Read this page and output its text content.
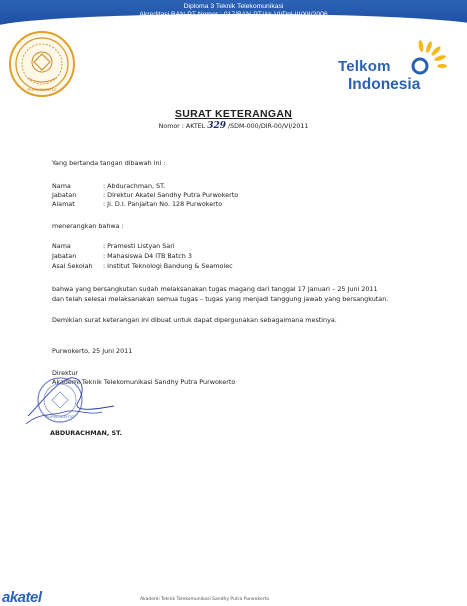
Diploma 3 Teknik Telekomunikasi
Akreditasi BAN-PT Nomor : 017/BAN-PT/Ak-VI/Dpl-III/XII/2006
PURWOKERTO
Telkom
Indonesia
SURAT KETERANGAN
Nomor : AKTEL 329 /SDM-000/DIR-00/VI/2011
Yang bertanda tangan dibawah ini :
Nama	: Abdurachman, ST.
Jabatan	: Direktur Akatel Sandhy Putra Purwokerto
Alamat	: Jl. D.I. Panjaitan No. 128 Purwokerto
menerangkan bahwa :
Nama	: Pramesti Listyan Sari
Jabatan	: Mahasiswa D4 ITB Batch 3
Asal Sekolah : Institut Teknologi Bandung & Seamolec
bahwa yang bersangkutan sudah melaksanakan tugas magang dari tanggal 17 Januari – 25 Juni 2011
dan telah selesai melaksanakan semua tugas – tugas yang menjadi tanggung jawab yang bersangkutan.
Demikian surat keterangan ini dibuat untuk dapat dipergunakan sebagaimana mestinya.
Purwokerto, 25 Juni 2011
Direktur
Akademi Teknik Telekomunikasi Sandhy Putra Purwokerto
PURWOKERTO
ABDURACHMAN, ST.
akatel	Akademi Teknik Telekomunikasi Sandhy Putra Purwokerto
